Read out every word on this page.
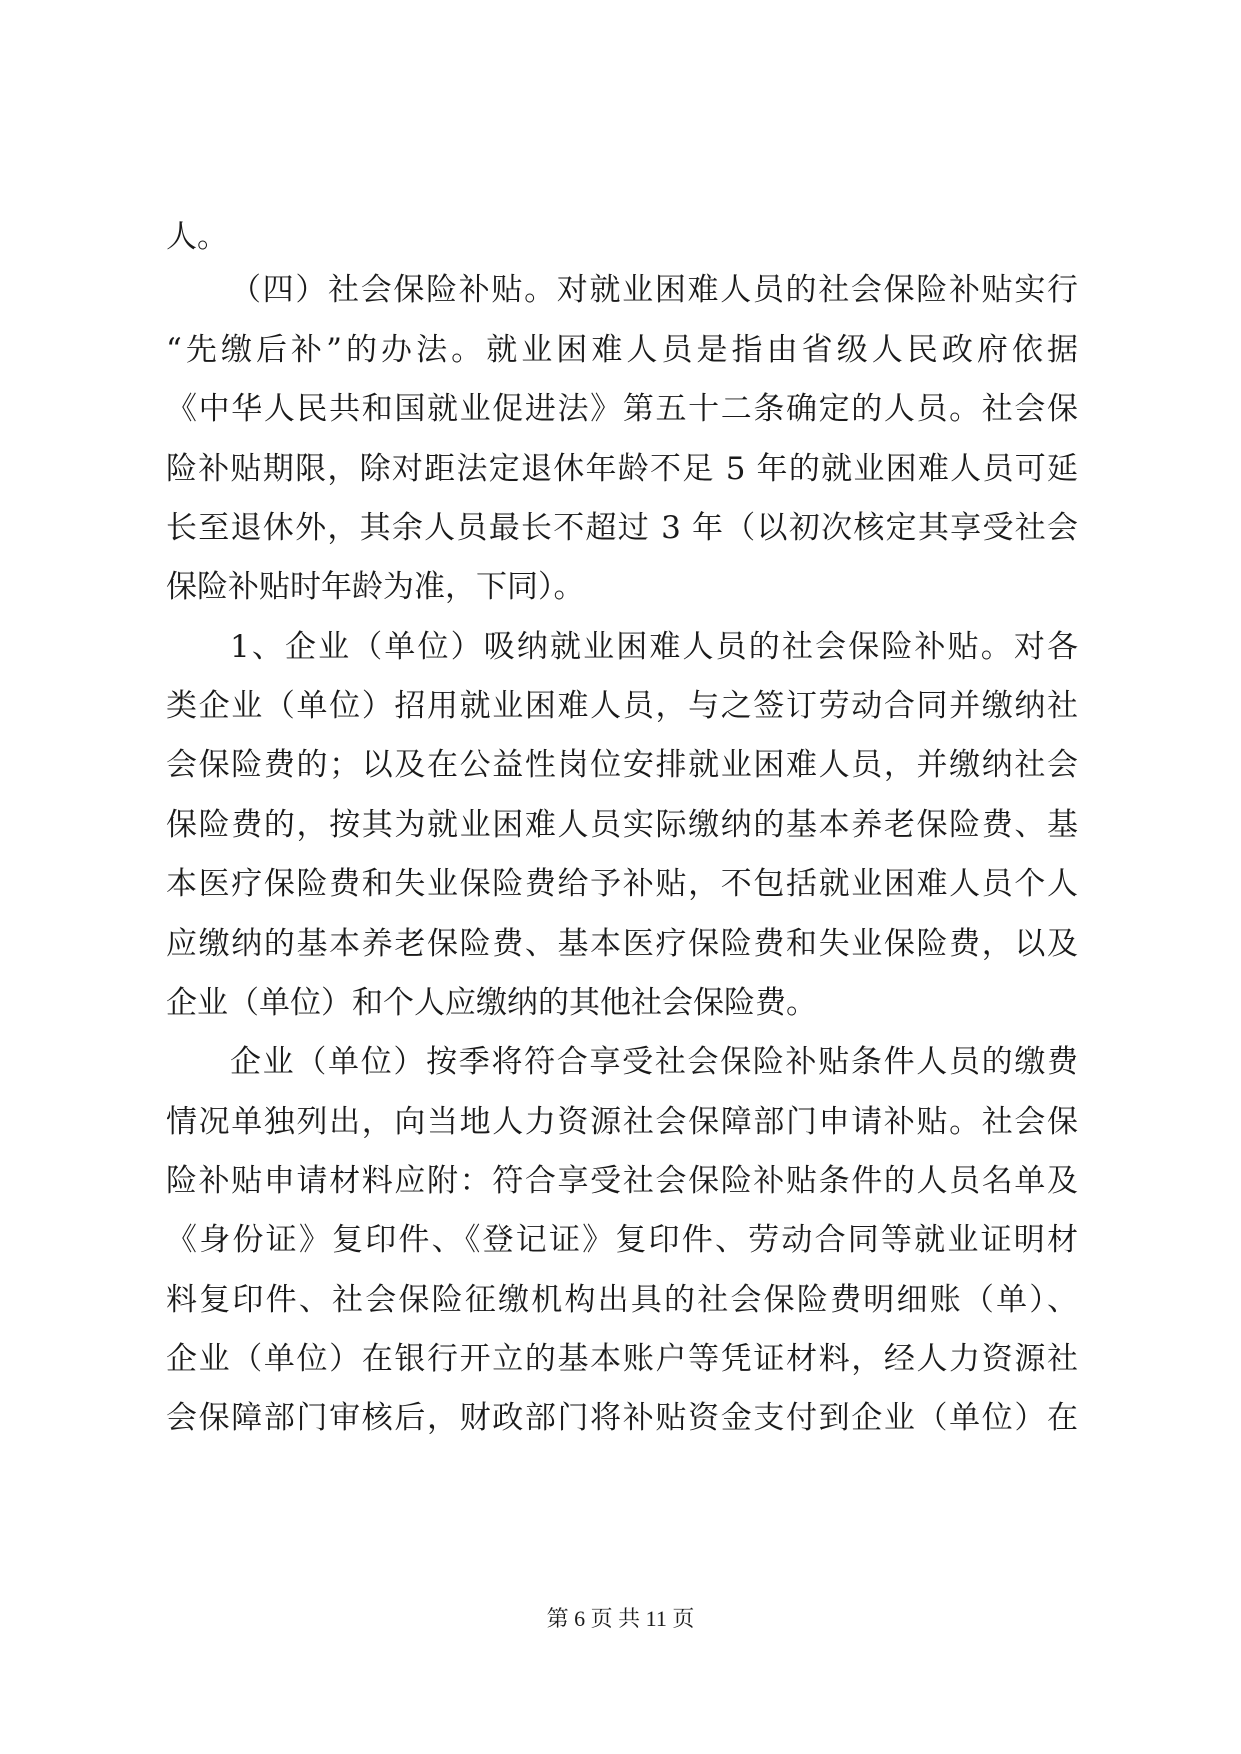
人。
（四）社会保险补贴。对就业困难人员的社会保险补贴实行
“先缴后补”的办法。就业困难人员是指由省级人民政府依据
《中华人民共和国就业促进法》第五十二条确定的人员。社会保
险补贴期限，除对距法定退休年龄不足 5 年的就业困难人员可延
长至退休外，其余人员最长不超过 3 年（以初次核定其享受社会
保险补贴时年龄为准，下同）。
1、企业（单位）吸纳就业困难人员的社会保险补贴。对各
类企业（单位）招用就业困难人员，与之签订劳动合同并缴纳社
会保险费的；以及在公益性岗位安排就业困难人员，并缴纳社会
保险费的，按其为就业困难人员实际缴纳的基本养老保险费、基
本医疗保险费和失业保险费给予补贴，不包括就业困难人员个人
应缴纳的基本养老保险费、基本医疗保险费和失业保险费，以及
企业（单位）和个人应缴纳的其他社会保险费。
企业（单位）按季将符合享受社会保险补贴条件人员的缴费
情况单独列出，向当地人力资源社会保障部门申请补贴。社会保
险补贴申请材料应附：符合享受社会保险补贴条件的人员名单及
《身份证》复印件、《登记证》复印件、劳动合同等就业证明材
料复印件、社会保险征缴机构出具的社会保险费明细账（单）、
企业（单位）在银行开立的基本账户等凭证材料，经人力资源社
会保障部门审核后，财政部门将补贴资金支付到企业（单位）在
第 6 页 共 11 页
